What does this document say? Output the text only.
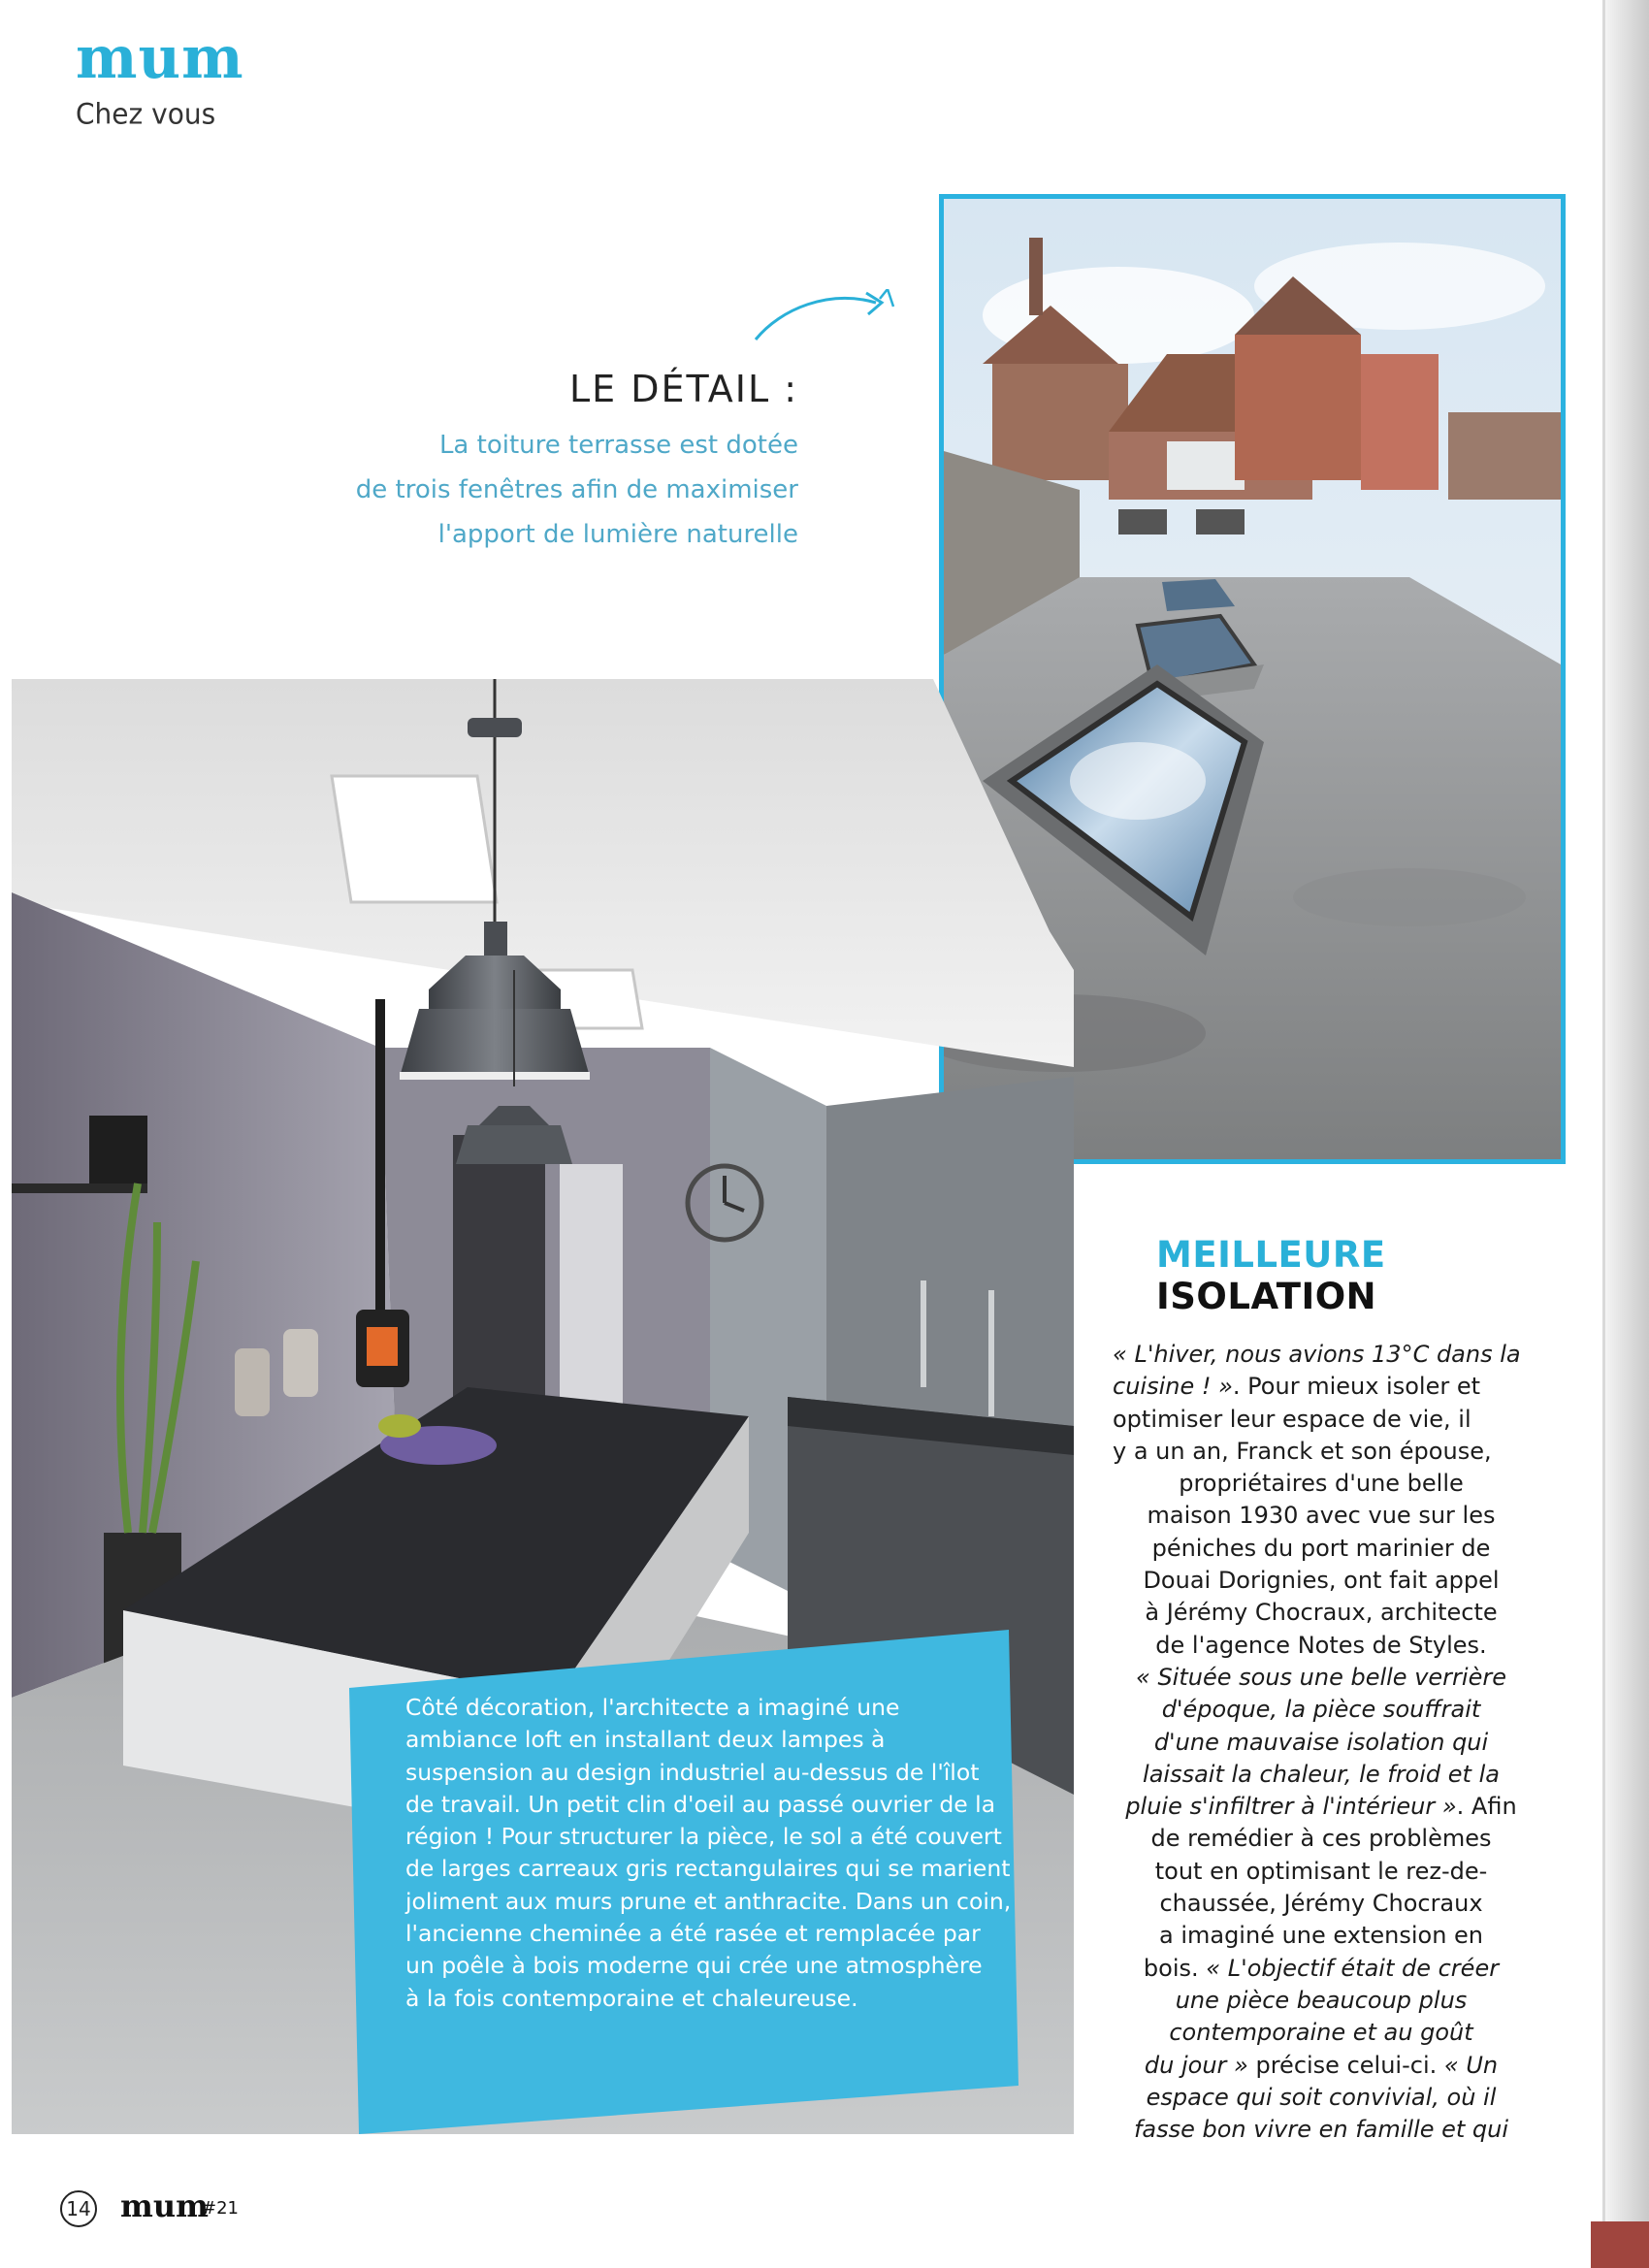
mum
Chez vous
LE DÉTAIL :
La toiture terrasse est dotée
de trois fenêtres afin de maximiser
l'apport de lumière naturelle
Côté décoration, l'architecte a imaginé une
ambiance loft en installant deux lampes à
suspension au design industriel au-dessus de l'îlot
de travail. Un petit clin d'oeil au passé ouvrier de la
région ! Pour structurer la pièce, le sol a été couvert
de larges carreaux gris rectangulaires qui se marient
joliment aux murs prune et anthracite. Dans un coin,
l'ancienne cheminée a été rasée et remplacée par
un poêle à bois moderne qui crée une atmosphère
à la fois contemporaine et chaleureuse.
MEILLEURE
ISOLATION
« L'hiver, nous avions 13°C dans la
cuisine ! ». Pour mieux isoler et
optimiser leur espace de vie, il
y a un an, Franck et son épouse,
propriétaires d'une belle
maison 1930 avec vue sur les
péniches du port marinier de
Douai Dorignies, ont fait appel
à Jérémy Chocraux, architecte
de l'agence Notes de Styles.
« Située sous une belle verrière
d'époque, la pièce souffrait
d'une mauvaise isolation qui
laissait la chaleur, le froid et la
pluie s'infiltrer à l'intérieur ». Afin
de remédier à ces problèmes
tout en optimisant le rez-de-
chaussée, Jérémy Chocraux
a imaginé une extension en
bois. « L'objectif était de créer
une pièce beaucoup plus
contemporaine et au goût
du jour » précise celui-ci. « Un
espace qui soit convivial, où il
fasse bon vivre en famille et qui
14 mum
#21
